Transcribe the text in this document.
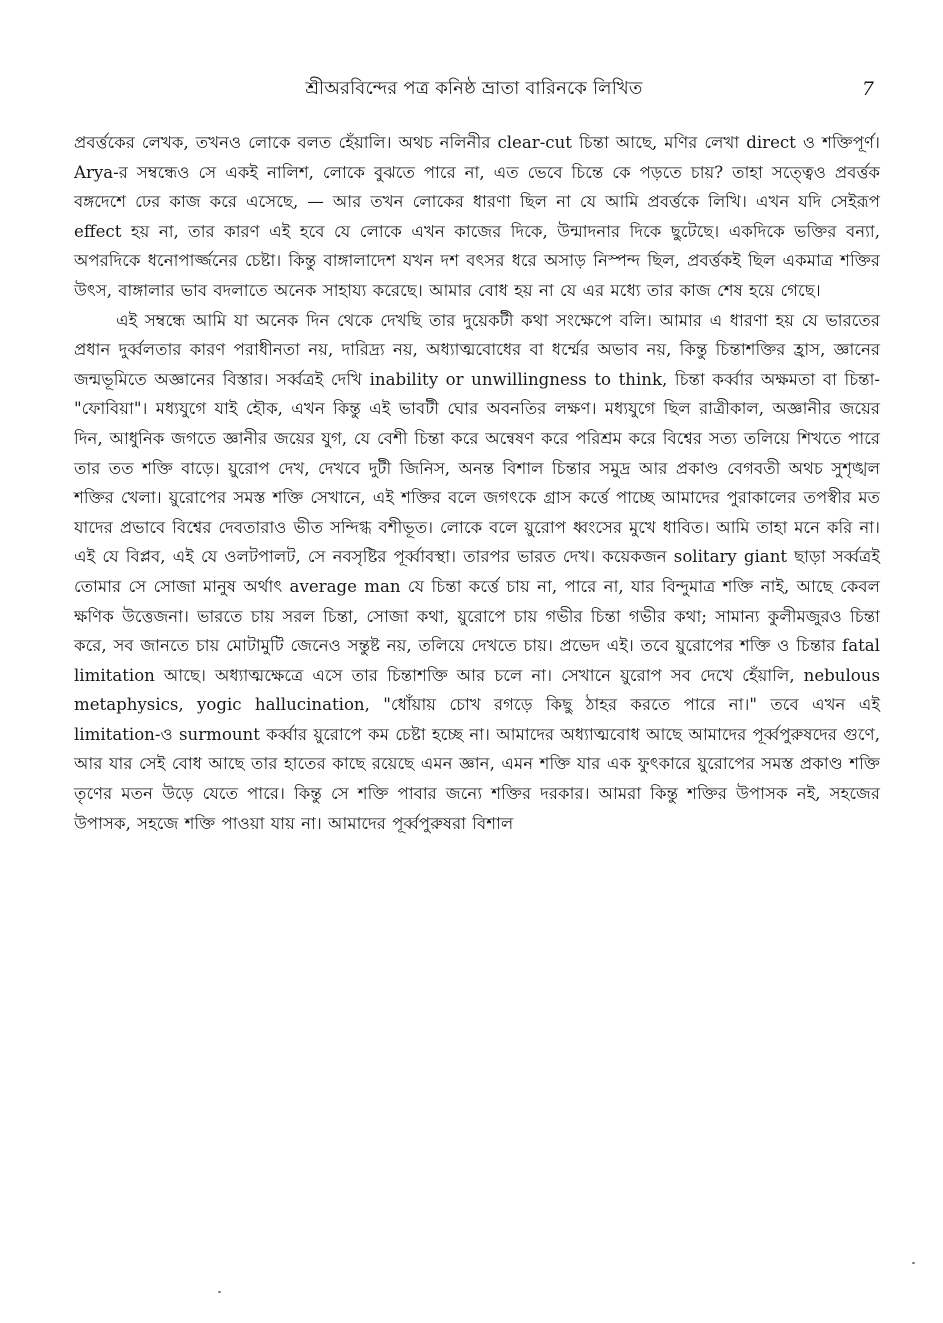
শ্রীঅরবিন্দের পত্র কনিষ্ঠ ভ্রাতা বারিনকে লিখিত	7

প্রবর্ত্তকের লেখক, তখনও লোকে বলত হেঁয়ালি। অথচ নলিনীর clear-cut চিন্তা আছে, মণির লেখা direct ও শক্তিপূর্ণ। Arya-র সম্বন্ধেও সে একই নালিশ, লোকে বুঝতে পারে না, এত ভেবে চিন্তে কে পড়তে চায়? তাহা সত্ত্বেও প্রবর্ত্তক বঙ্গদেশে ঢের কাজ করে এসেছে, — আর তখন লোকের ধারণা ছিল না যে আমি প্রবর্ত্তকে লিখি। এখন যদি সেইরূপ effect হয় না, তার কারণ এই হবে যে লোকে এখন কাজের দিকে, উন্মাদনার দিকে ছুটেছে। একদিকে ভক্তির বন্যা, অপরদিকে ধনোপার্জ্জনের চেষ্টা। কিন্তু বাঙ্গালাদেশ যখন দশ বৎসর ধরে অসাড় নিস্পন্দ ছিল, প্রবর্ত্তকই ছিল একমাত্র শক্তির উৎস, বাঙ্গালার ভাব বদলাতে অনেক সাহায্য করেছে। আমার বোধ হয় না যে এর মধ্যে তার কাজ শেষ হয়ে গেছে।

এই সম্বন্ধে আমি যা অনেক দিন থেকে দেখছি তার দুয়েকটী কথা সংক্ষেপে বলি। আমার এ ধারণা হয় যে ভারতের প্রধান দুর্ব্বলতার কারণ পরাধীনতা নয়, দারিদ্র্য নয়, অধ্যাত্মবোধের বা ধর্ম্মের অভাব নয়, কিন্তু চিন্তাশক্তির হ্রাস, জ্ঞানের জন্মভূমিতে অজ্ঞানের বিস্তার। সর্ব্বত্রই দেখি inability or unwillingness to think, চিন্তা কর্ব্বার অক্ষমতা বা চিন্তা-"ফোবিয়া"। মধ্যযুগে যাই হৌক, এখন কিন্তু এই ভাবটী ঘোর অবনতির লক্ষণ। মধ্যযুগে ছিল রাত্রীকাল, অজ্ঞানীর জয়ের দিন, আধুনিক জগতে জ্ঞানীর জয়ের যুগ, যে বেশী চিন্তা করে অন্বেষণ করে পরিশ্রম করে বিশ্বের সত্য তলিয়ে শিখতে পারে তার তত শক্তি বাড়ে। য়ুরোপ দেখ, দেখবে দুটী জিনিস, অনন্ত বিশাল চিন্তার সমুদ্র আর প্রকাণ্ড বেগবতী অথচ সুশৃঙ্খল শক্তির খেলা। য়ুরোপের সমস্ত শক্তি সেখানে, এই শক্তির বলে জগৎকে গ্রাস কর্ত্তে পাচ্ছে আমাদের পুরাকালের তপস্বীর মত যাদের প্রভাবে বিশ্বের দেবতারাও ভীত সন্দিগ্ধ বশীভূত। লোকে বলে য়ুরোপ ধ্বংসের মুখে ধাবিত। আমি তাহা মনে করি না। এই যে বিপ্লব, এই যে ওলটপালট, সে নবসৃষ্টির পূর্ব্বাবস্থা। তারপর ভারত দেখ। কয়েকজন solitary giant ছাড়া সর্ব্বত্রই তোমার সে সোজা মানুষ অর্থাৎ average man যে চিন্তা কর্ত্তে চায় না, পারে না, যার বিন্দুমাত্র শক্তি নাই, আছে কেবল ক্ষণিক উত্তেজনা। ভারতে চায় সরল চিন্তা, সোজা কথা, য়ুরোপে চায় গভীর চিন্তা গভীর কথা; সামান্য কুলীমজুরও চিন্তা করে, সব জানতে চায় মোটামুটি জেনেও সন্তুষ্ট নয়, তলিয়ে দেখতে চায়। প্রভেদ এই। তবে য়ুরোপের শক্তি ও চিন্তার fatal limitation আছে। অধ্যাত্মক্ষেত্রে এসে তার চিন্তাশক্তি আর চলে না। সেখানে য়ুরোপ সব দেখে হেঁয়ালি, nebulous metaphysics, yogic hallucination, "ধোঁয়ায় চোখ রগড়ে কিছু ঠাহর করতে পারে না।" তবে এখন এই limitation-ও surmount কর্ব্বার য়ুরোপে কম চেষ্টা হচ্ছে না। আমাদের অধ্যাত্মবোধ আছে আমাদের পূর্ব্বপুরুষদের গুণে, আর যার সেই বোধ আছে তার হাতের কাছে রয়েছে এমন জ্ঞান, এমন শক্তি যার এক ফুৎকারে য়ুরোপের সমস্ত প্রকাণ্ড শক্তি তৃণের মতন উড়ে যেতে পারে। কিন্তু সে শক্তি পাবার জন্যে শক্তির দরকার। আমরা কিন্তু শক্তির উপাসক নই, সহজের উপাসক, সহজে শক্তি পাওয়া যায় না। আমাদের পূর্ব্বপুরুষরা বিশাল
